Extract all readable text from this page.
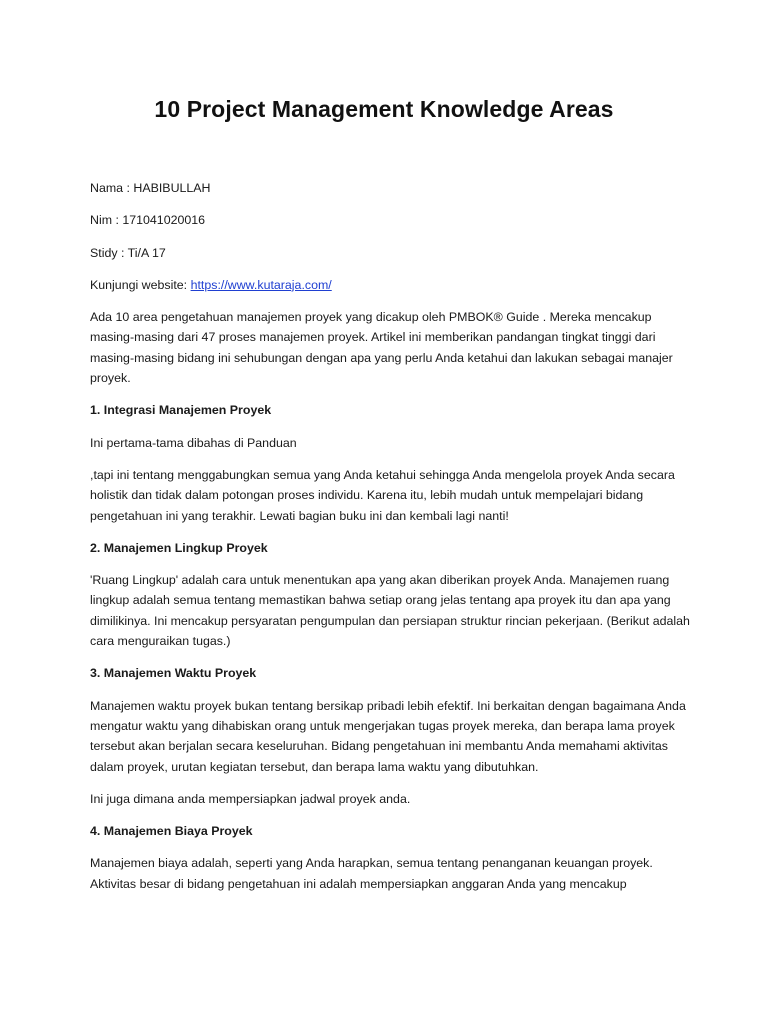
10 Project Management Knowledge Areas

Nama : HABIBULLAH

Nim : 171041020016

Stidy : Ti/A 17

Kunjungi website: https://www.kutaraja.com/

Ada 10 area pengetahuan manajemen proyek yang dicakup oleh PMBOK® Guide . Mereka mencakup masing-masing dari 47 proses manajemen proyek. Artikel ini memberikan pandangan tingkat tinggi dari masing-masing bidang ini sehubungan dengan apa yang perlu Anda ketahui dan lakukan sebagai manajer proyek.

1. Integrasi Manajemen Proyek

Ini pertama-tama dibahas di Panduan

,tapi ini tentang menggabungkan semua yang Anda ketahui sehingga Anda mengelola proyek Anda secara holistik dan tidak dalam potongan proses individu. Karena itu, lebih mudah untuk mempelajari bidang pengetahuan ini yang terakhir. Lewati bagian buku ini dan kembali lagi nanti!

2. Manajemen Lingkup Proyek

'Ruang Lingkup' adalah cara untuk menentukan apa yang akan diberikan proyek Anda. Manajemen ruang lingkup adalah semua tentang memastikan bahwa setiap orang jelas tentang apa proyek itu dan apa yang dimilikinya. Ini mencakup persyaratan pengumpulan dan persiapan struktur rincian pekerjaan. (Berikut adalah cara menguraikan tugas.)

3. Manajemen Waktu Proyek

Manajemen waktu proyek bukan tentang bersikap pribadi lebih efektif. Ini berkaitan dengan bagaimana Anda mengatur waktu yang dihabiskan orang untuk mengerjakan tugas proyek mereka, dan berapa lama proyek tersebut akan berjalan secara keseluruhan. Bidang pengetahuan ini membantu Anda memahami aktivitas dalam proyek, urutan kegiatan tersebut, dan berapa lama waktu yang dibutuhkan.

Ini juga dimana anda mempersiapkan jadwal proyek anda.

4. Manajemen Biaya Proyek

Manajemen biaya adalah, seperti yang Anda harapkan, semua tentang penanganan keuangan proyek. Aktivitas besar di bidang pengetahuan ini adalah mempersiapkan anggaran Anda yang mencakup
